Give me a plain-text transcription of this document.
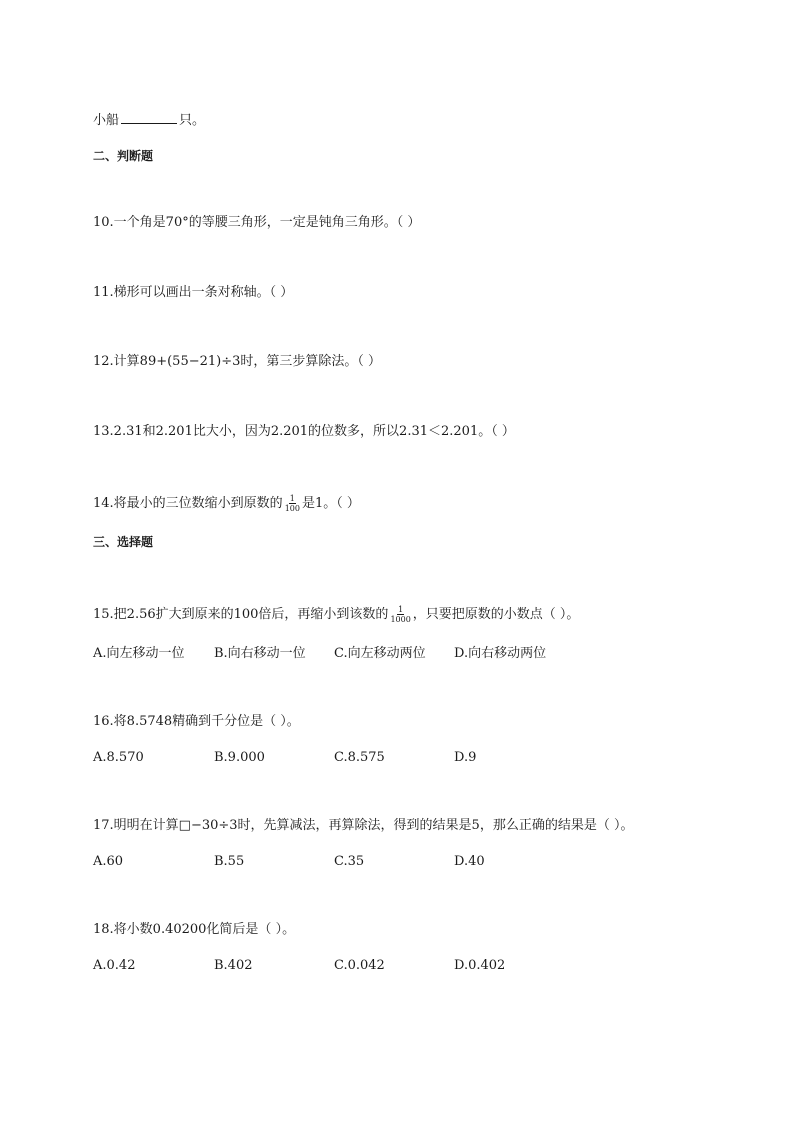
小船	只。
二、判断题
10.一个角是70°的等腰三角形，一定是钝角三角形。（ ）
11.梯形可以画出一条对称轴。（ ）
12.计算89+(55−21)÷3时，第三步算除法。（ ）
13.2.31和2.201比大小，因为2.201的位数多，所以2.31＜2.201。（ ）
14.将最小的三位数缩小到原数的 $\frac{1}{100}$ 是1。（ ）
三、选择题
15.把2.56扩大到原来的100倍后，再缩小到该数的 $\frac{1}{1000}$ ，只要把原数的小数点（ ）。
A.向左移动一位 B.向右移动一位 C.向左移动两位 D.向右移动两位
16.将8.5748精确到千分位是（ ）。
A.8.570	B.9.000	C.8.575	D.9
17.明明在计算□−30÷3时，先算减法，再算除法，得到的结果是5，那么正确的结果是（ ）。
A.60	B.55	C.35	D.40
18.将小数0.40200化简后是（ ）。
A.0.42	B.402	C.0.042	D.0.402
